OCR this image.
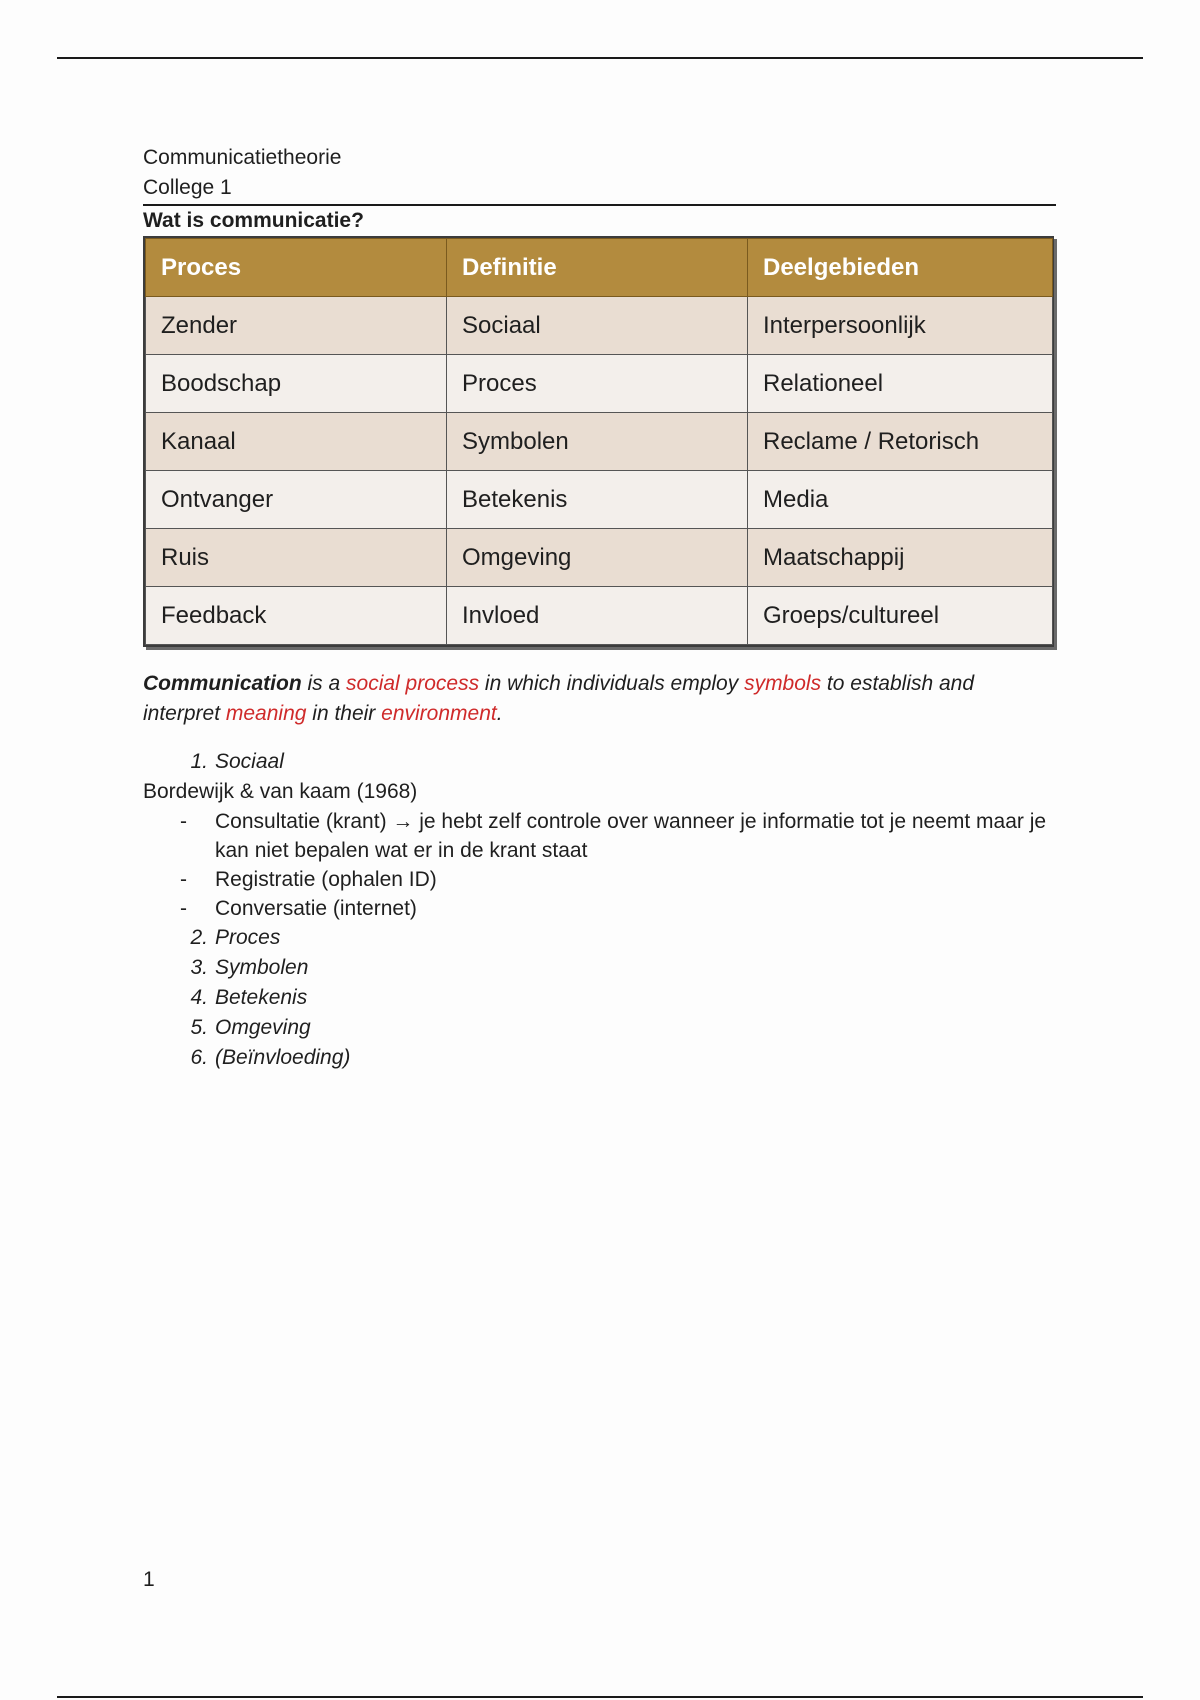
Communicatietheorie
College 1
Wat is communicatie?
Proces	Definitie	Deelgebieden
Zender	Sociaal	Interpersoonlijk
Boodschap	Proces	Relationeel
Kanaal	Symbolen	Reclame / Retorisch
Ontvanger	Betekenis	Media
Ruis	Omgeving	Maatschappij
Feedback	Invloed	Groeps/cultureel
Communication is a social process in which individuals employ symbols to establish and
interpret meaning in their environment.
1. Sociaal
Bordewijk & van kaam (1968)
- Consultatie (krant) → je hebt zelf controle over wanneer je informatie tot je neemt maar je kan niet bepalen wat er in de krant staat
- Registratie (ophalen ID)
- Conversatie (internet)
2. Proces
3. Symbolen
4. Betekenis
5. Omgeving
6. (Beïnvloeding)
1
